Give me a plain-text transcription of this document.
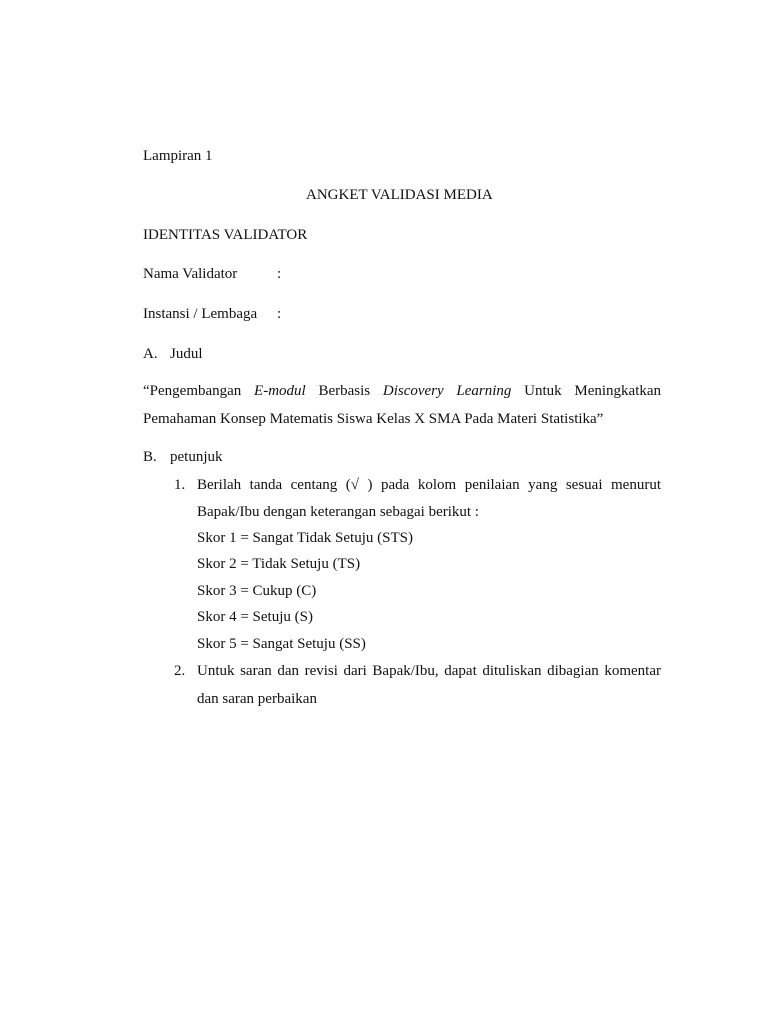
Lampiran 1
ANGKET VALIDASI MEDIA
IDENTITAS VALIDATOR
Nama Validator	:
Instansi / Lembaga :
A. Judul
“Pengembangan E-modul Berbasis Discovery Learning Untuk Meningkatkan
Pemahaman Konsep Matematis Siswa Kelas X SMA Pada Materi Statistika”
B. petunjuk
1. Berilah tanda centang (√ ) pada kolom penilaian yang sesuai menurut
Bapak/Ibu dengan keterangan sebagai berikut :
Skor 1 = Sangat Tidak Setuju (STS)
Skor 2 = Tidak Setuju (TS)
Skor 3 = Cukup (C)
Skor 4 = Setuju (S)
Skor 5 = Sangat Setuju (SS)
2. Untuk saran dan revisi dari Bapak/Ibu, dapat dituliskan dibagian komentar
dan saran perbaikan
